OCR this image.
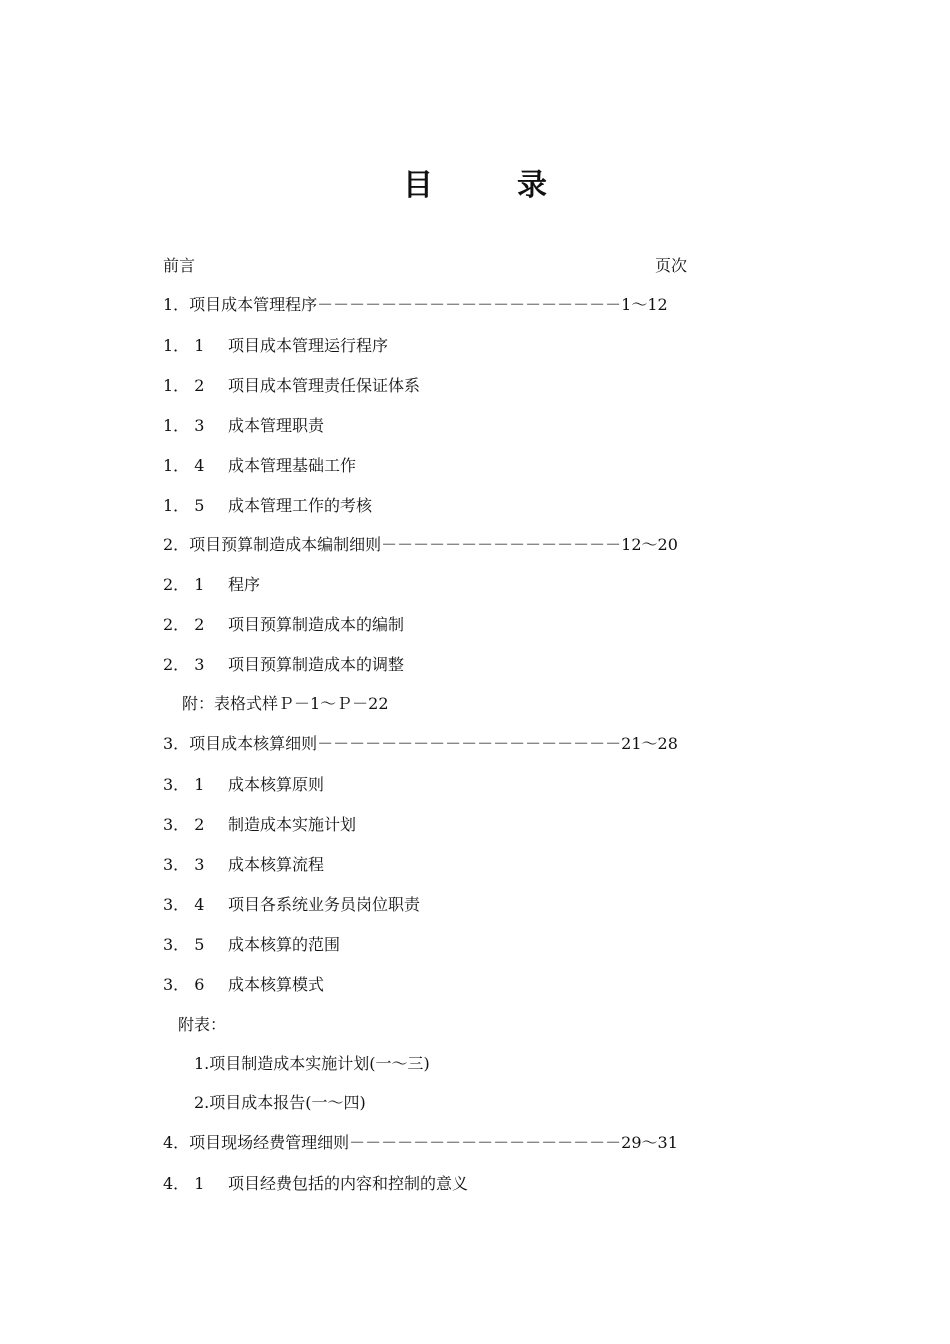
目	录
前言	页次
1．项目成本管理程序－－－－－－－－－－－－－－－－－－－1～12
1． 1	项目成本管理运行程序
1． 2	项目成本管理责任保证体系
1． 3	成本管理职责
1． 4	成本管理基础工作
1． 5	成本管理工作的考核
2．项目预算制造成本编制细则－－－－－－－－－－－－－－－12～20
2． 1	程序
2． 2	项目预算制造成本的编制
2． 3	项目预算制造成本的调整
附：表格式样Ｐ－1～Ｐ－22
3．项目成本核算细则－－－－－－－－－－－－－－－－－－－21～28
3． 1	成本核算原则
3． 2	制造成本实施计划
3． 3	成本核算流程
3． 4	项目各系统业务员岗位职责
3． 5	成本核算的范围
3． 6	成本核算模式
附表：
1.项目制造成本实施计划(一～三)
2.项目成本报告(一～四)
4．项目现场经费管理细则－－－－－－－－－－－－－－－－－29～31
4． 1	项目经费包括的内容和控制的意义
